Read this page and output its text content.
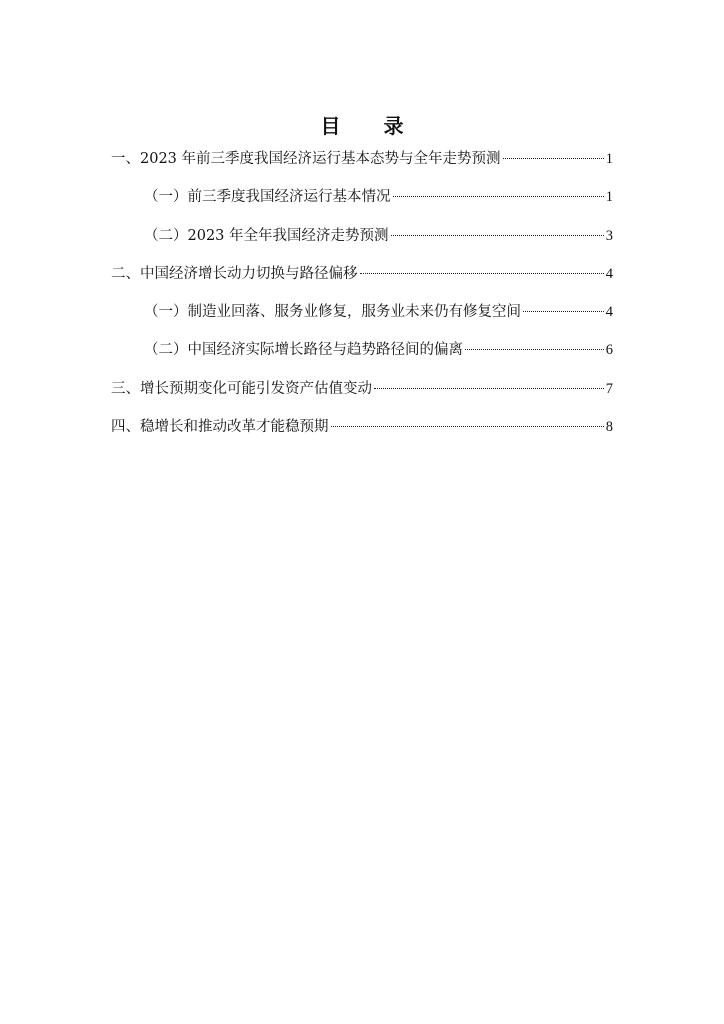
目 录
一、2023 年前三季度我国经济运行基本态势与全年走势预测	1
（一）前三季度我国经济运行基本情况	1
（二）2023 年全年我国经济走势预测	3
二、中国经济增长动力切换与路径偏移	4
（一）制造业回落、服务业修复，服务业未来仍有修复空间	4
（二）中国经济实际增长路径与趋势路径间的偏离	6
三、增长预期变化可能引发资产估值变动	7
四、稳增长和推动改革才能稳预期	8
